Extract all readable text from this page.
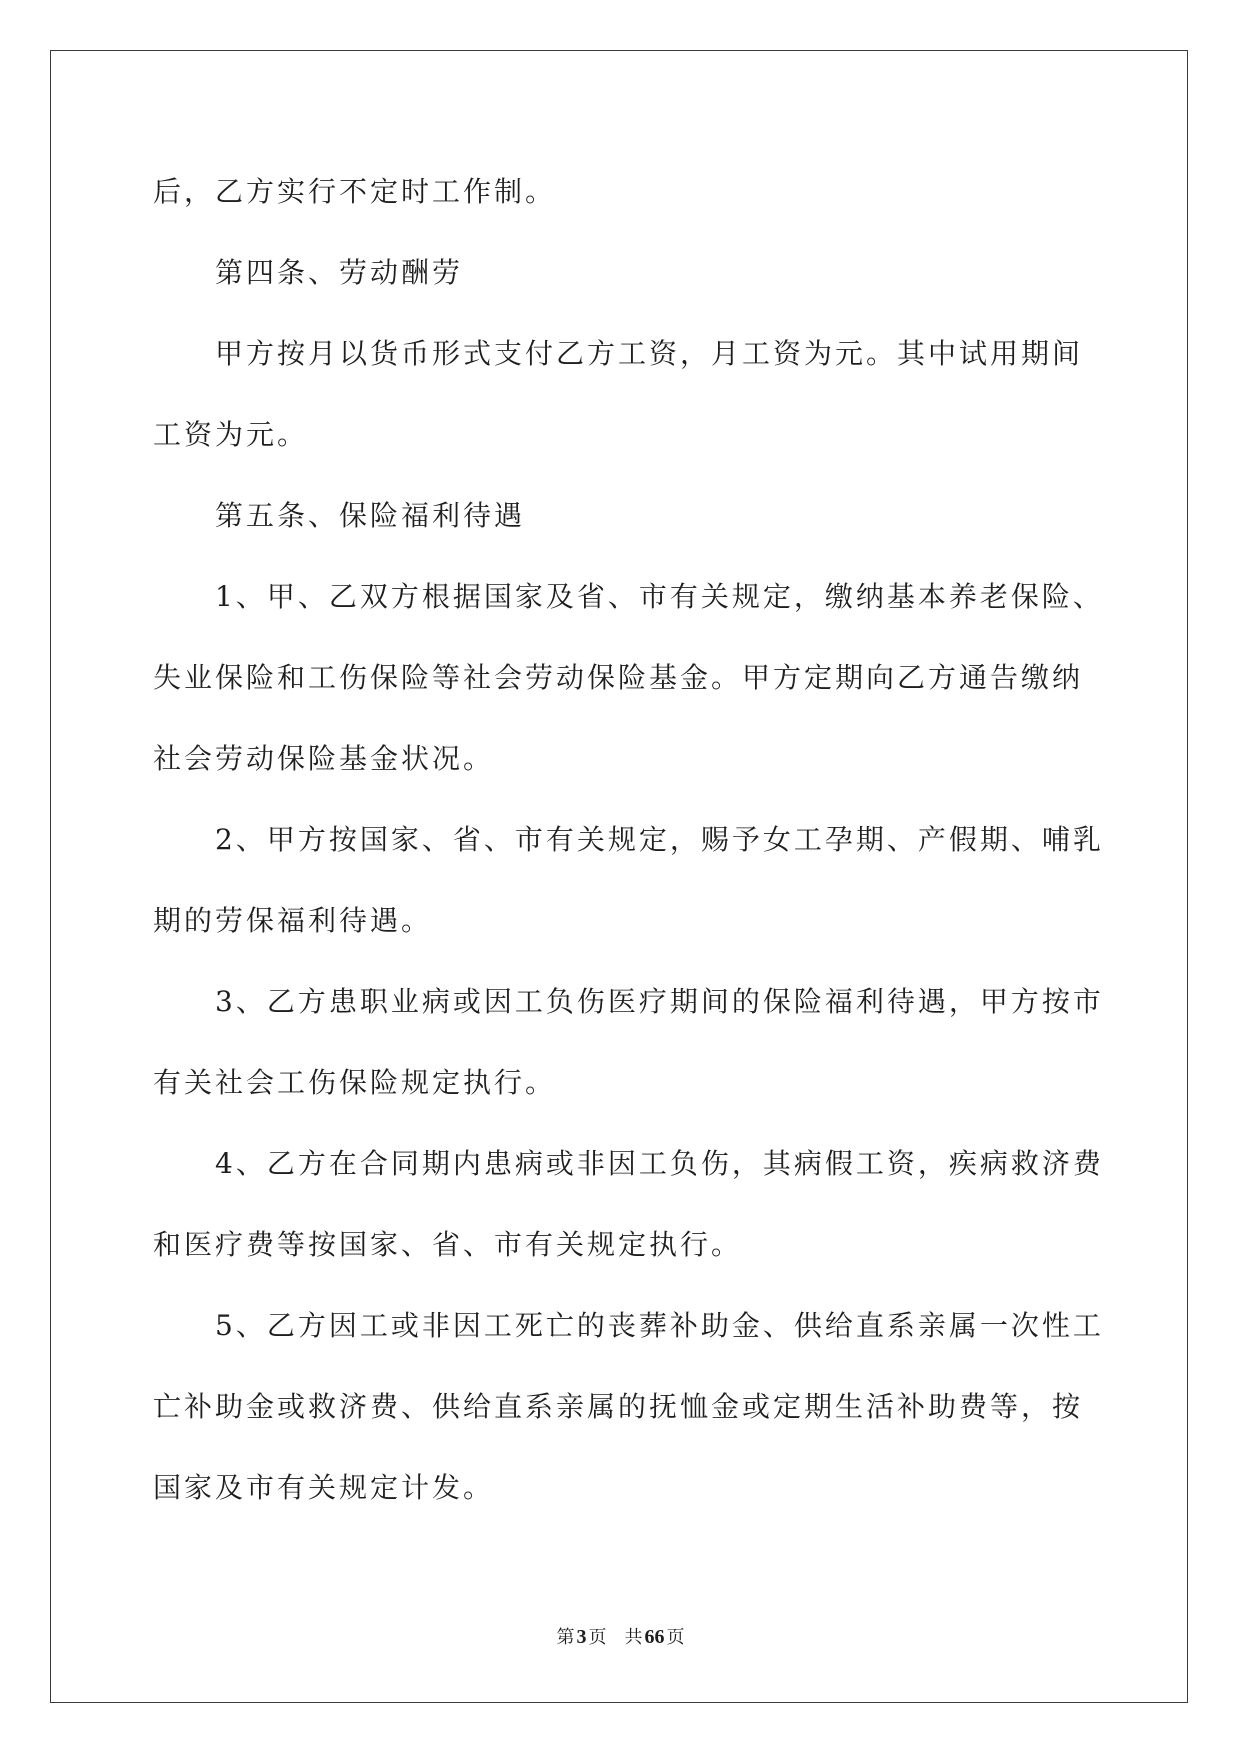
后，乙方实行不定时工作制。
第四条、劳动酬劳
甲方按月以货币形式支付乙方工资，月工资为元。其中试用期间
工资为元。
第五条、保险福利待遇
1、甲、乙双方根据国家及省、市有关规定，缴纳基本养老保险、
失业保险和工伤保险等社会劳动保险基金。甲方定期向乙方通告缴纳
社会劳动保险基金状况。
2、甲方按国家、省、市有关规定，赐予女工孕期、产假期、哺乳
期的劳保福利待遇。
3、乙方患职业病或因工负伤医疗期间的保险福利待遇，甲方按市
有关社会工伤保险规定执行。
4、乙方在合同期内患病或非因工负伤，其病假工资，疾病救济费
和医疗费等按国家、省、市有关规定执行。
5、乙方因工或非因工死亡的丧葬补助金、供给直系亲属一次性工
亡补助金或救济费、供给直系亲属的抚恤金或定期生活补助费等，按
国家及市有关规定计发。
第 3 页 共 66 页
